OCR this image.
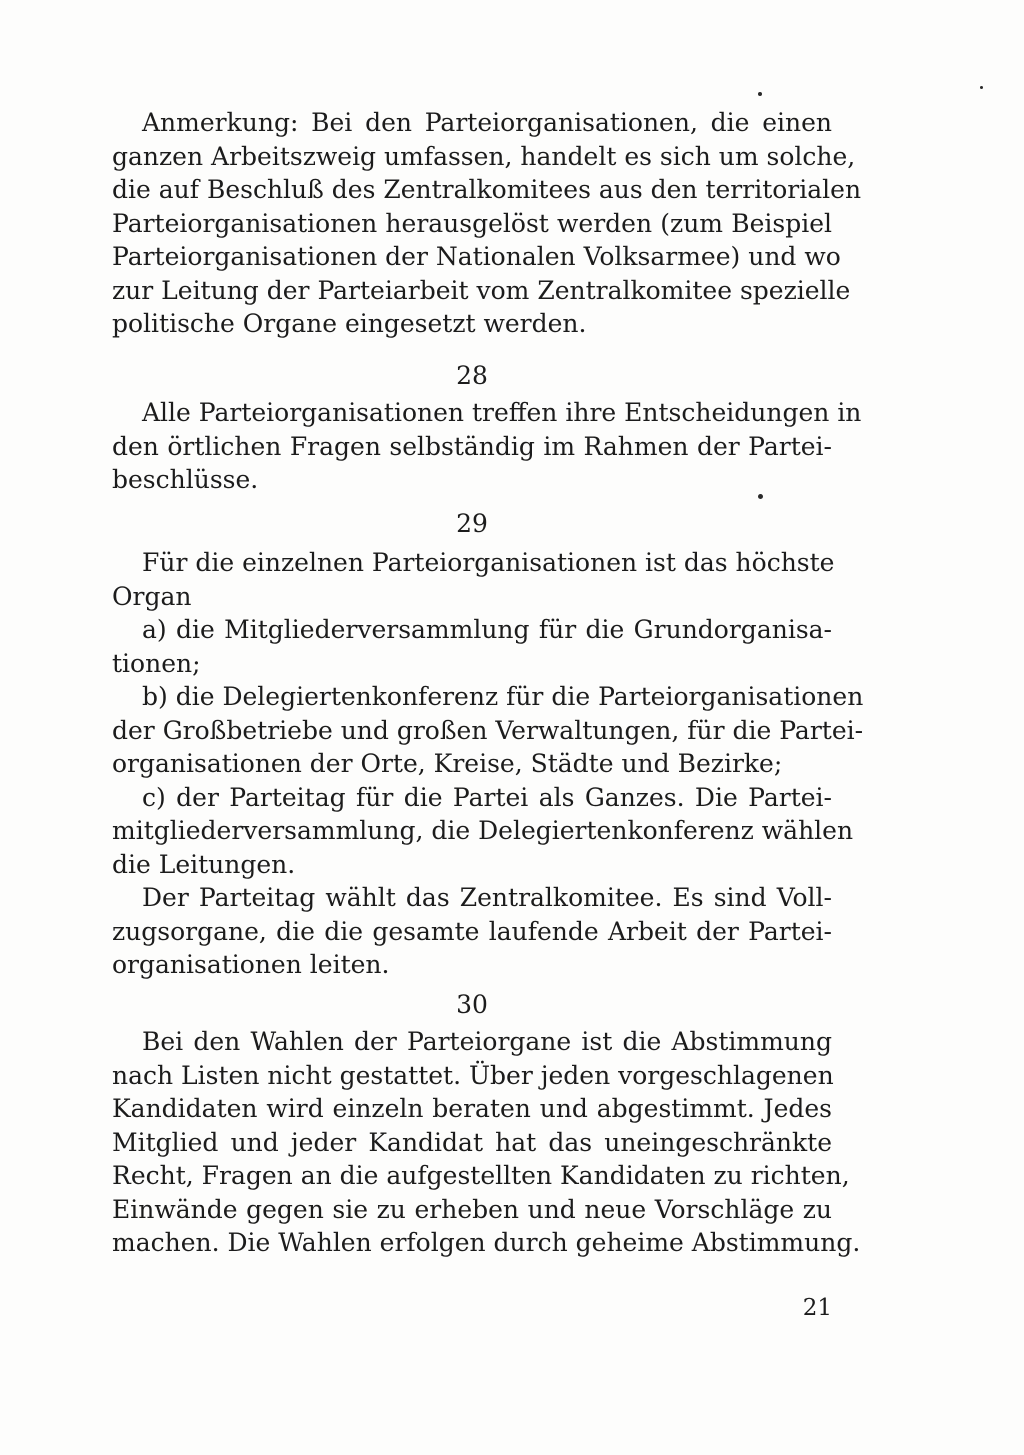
Anmerkung: Bei den Parteiorganisationen, die einen
ganzen Arbeitszweig umfassen, handelt es sich um solche,
die auf Beschluß des Zentralkomitees aus den territorialen
Parteiorganisationen herausgelöst werden (zum Beispiel
Parteiorganisationen der Nationalen Volksarmee) und wo
zur Leitung der Parteiarbeit vom Zentralkomitee spezielle
politische Organe eingesetzt werden.
28
Alle Parteiorganisationen treffen ihre Entscheidungen in
den örtlichen Fragen selbständig im Rahmen der Partei-
beschlüsse.
29
Für die einzelnen Parteiorganisationen ist das höchste
Organ
a) die Mitgliederversammlung für die Grundorganisa-
tionen;
b) die Delegiertenkonferenz für die Parteiorganisationen
der Großbetriebe und großen Verwaltungen, für die Partei-
organisationen der Orte, Kreise, Städte und Bezirke;
c) der Parteitag für die Partei als Ganzes. Die Partei-
mitgliederversammlung, die Delegiertenkonferenz wählen
die Leitungen.
Der Parteitag wählt das Zentralkomitee. Es sind Voll-
zugsorgane, die die gesamte laufende Arbeit der Partei-
organisationen leiten.
30
Bei den Wahlen der Parteiorgane ist die Abstimmung
nach Listen nicht gestattet. Über jeden vorgeschlagenen
Kandidaten wird einzeln beraten und abgestimmt. Jedes
Mitglied und jeder Kandidat hat das uneingeschränkte
Recht, Fragen an die aufgestellten Kandidaten zu richten,
Einwände gegen sie zu erheben und neue Vorschläge zu
machen. Die Wahlen erfolgen durch geheime Abstimmung.
21
